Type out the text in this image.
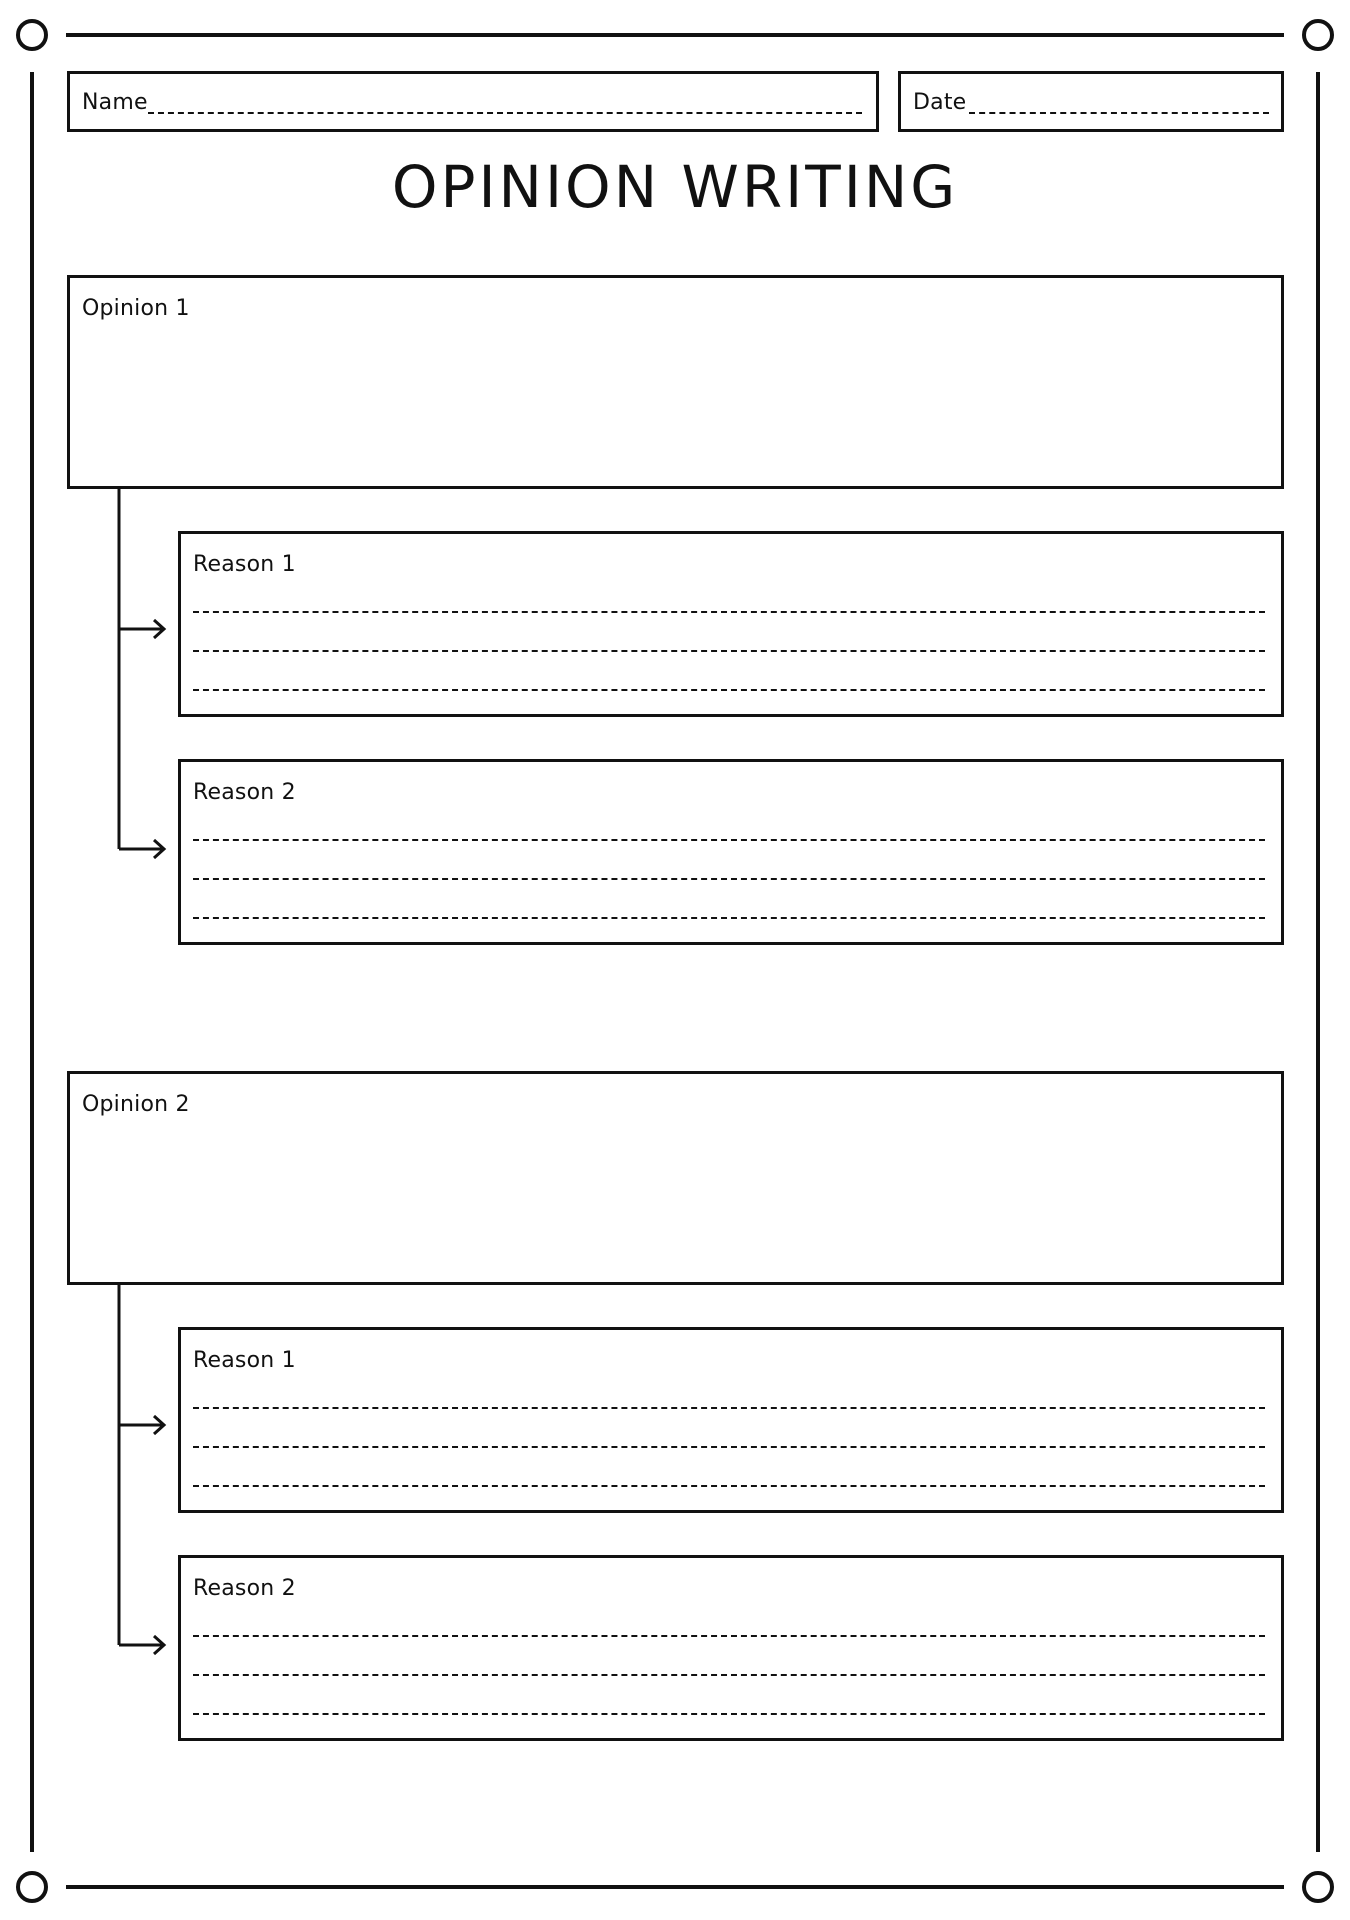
Name	Date
OPINION WRITING
Opinion 1
Reason 1
Reason 2
Opinion 2
Reason 1
Reason 2
